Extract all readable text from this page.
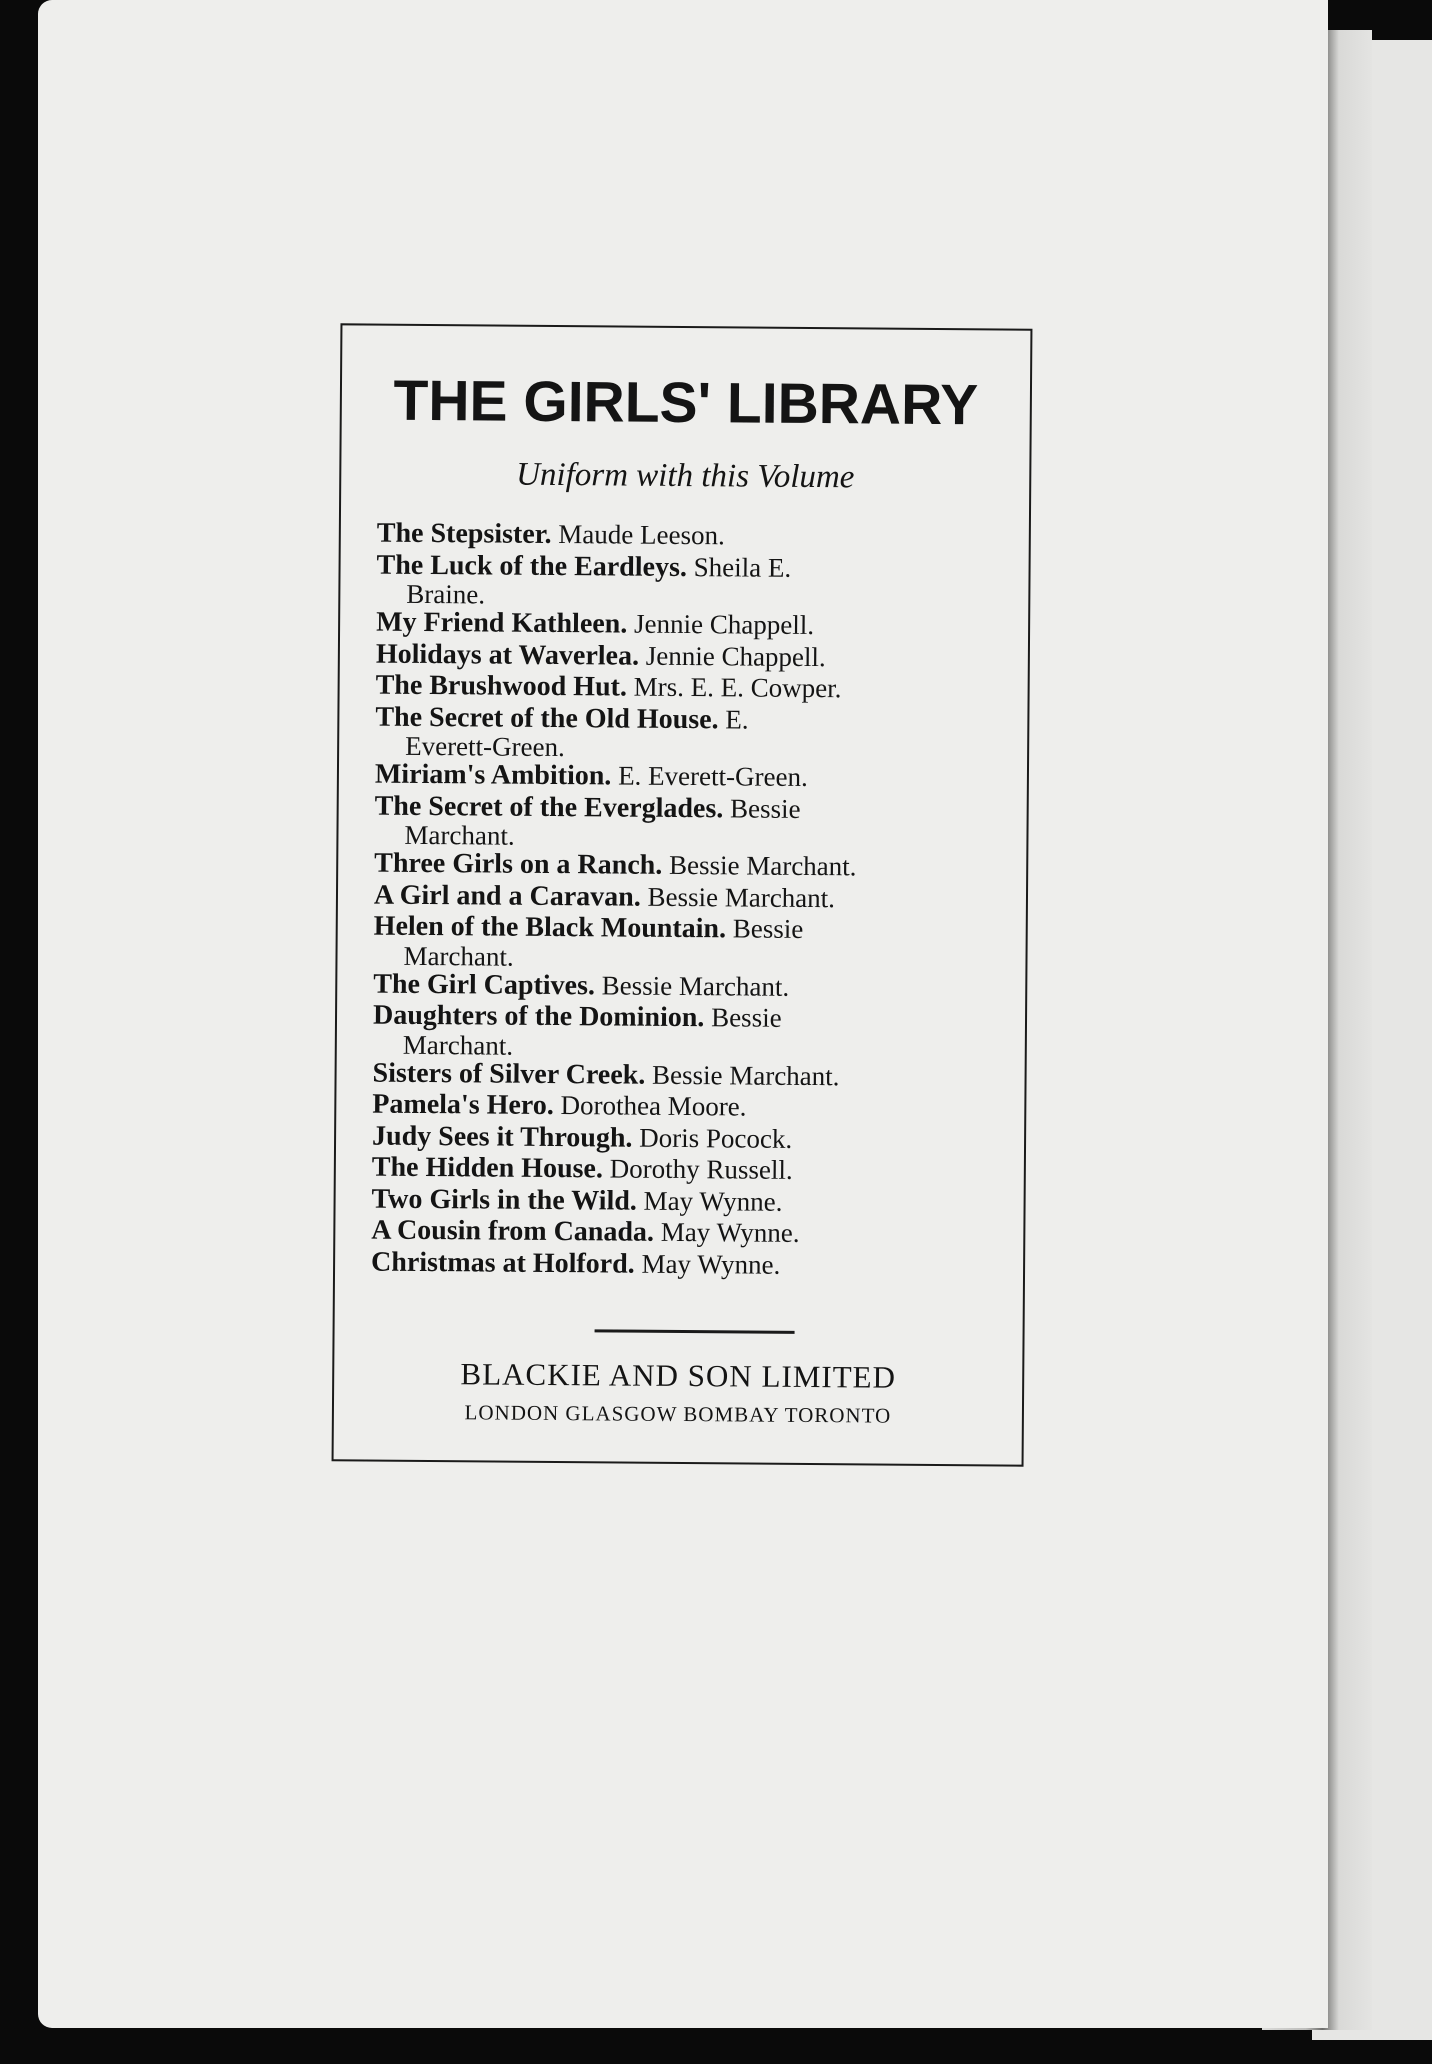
THE GIRLS' LIBRARY
Uniform with this Volume
The Stepsister. Maude Leeson.
The Luck of the Eardleys. Sheila E.
Braine.
My Friend Kathleen. Jennie Chappell.
Holidays at Waverlea. Jennie Chappell.
The Brushwood Hut. Mrs. E. E. Cowper.
The Secret of the Old House. E.
Everett-Green.
Miriam's Ambition. E. Everett-Green.
The Secret of the Everglades. Bessie
Marchant.
Three Girls on a Ranch. Bessie Marchant.
A Girl and a Caravan. Bessie Marchant.
Helen of the Black Mountain. Bessie
Marchant.
The Girl Captives. Bessie Marchant.
Daughters of the Dominion. Bessie
Marchant.
Sisters of Silver Creek. Bessie Marchant.
Pamela's Hero. Dorothea Moore.
Judy Sees it Through. Doris Pocock.
The Hidden House. Dorothy Russell.
Two Girls in the Wild. May Wynne.
A Cousin from Canada. May Wynne.
Christmas at Holford. May Wynne.
BLACKIE AND SON LIMITED
LONDON GLASGOW BOMBAY TORONTO
